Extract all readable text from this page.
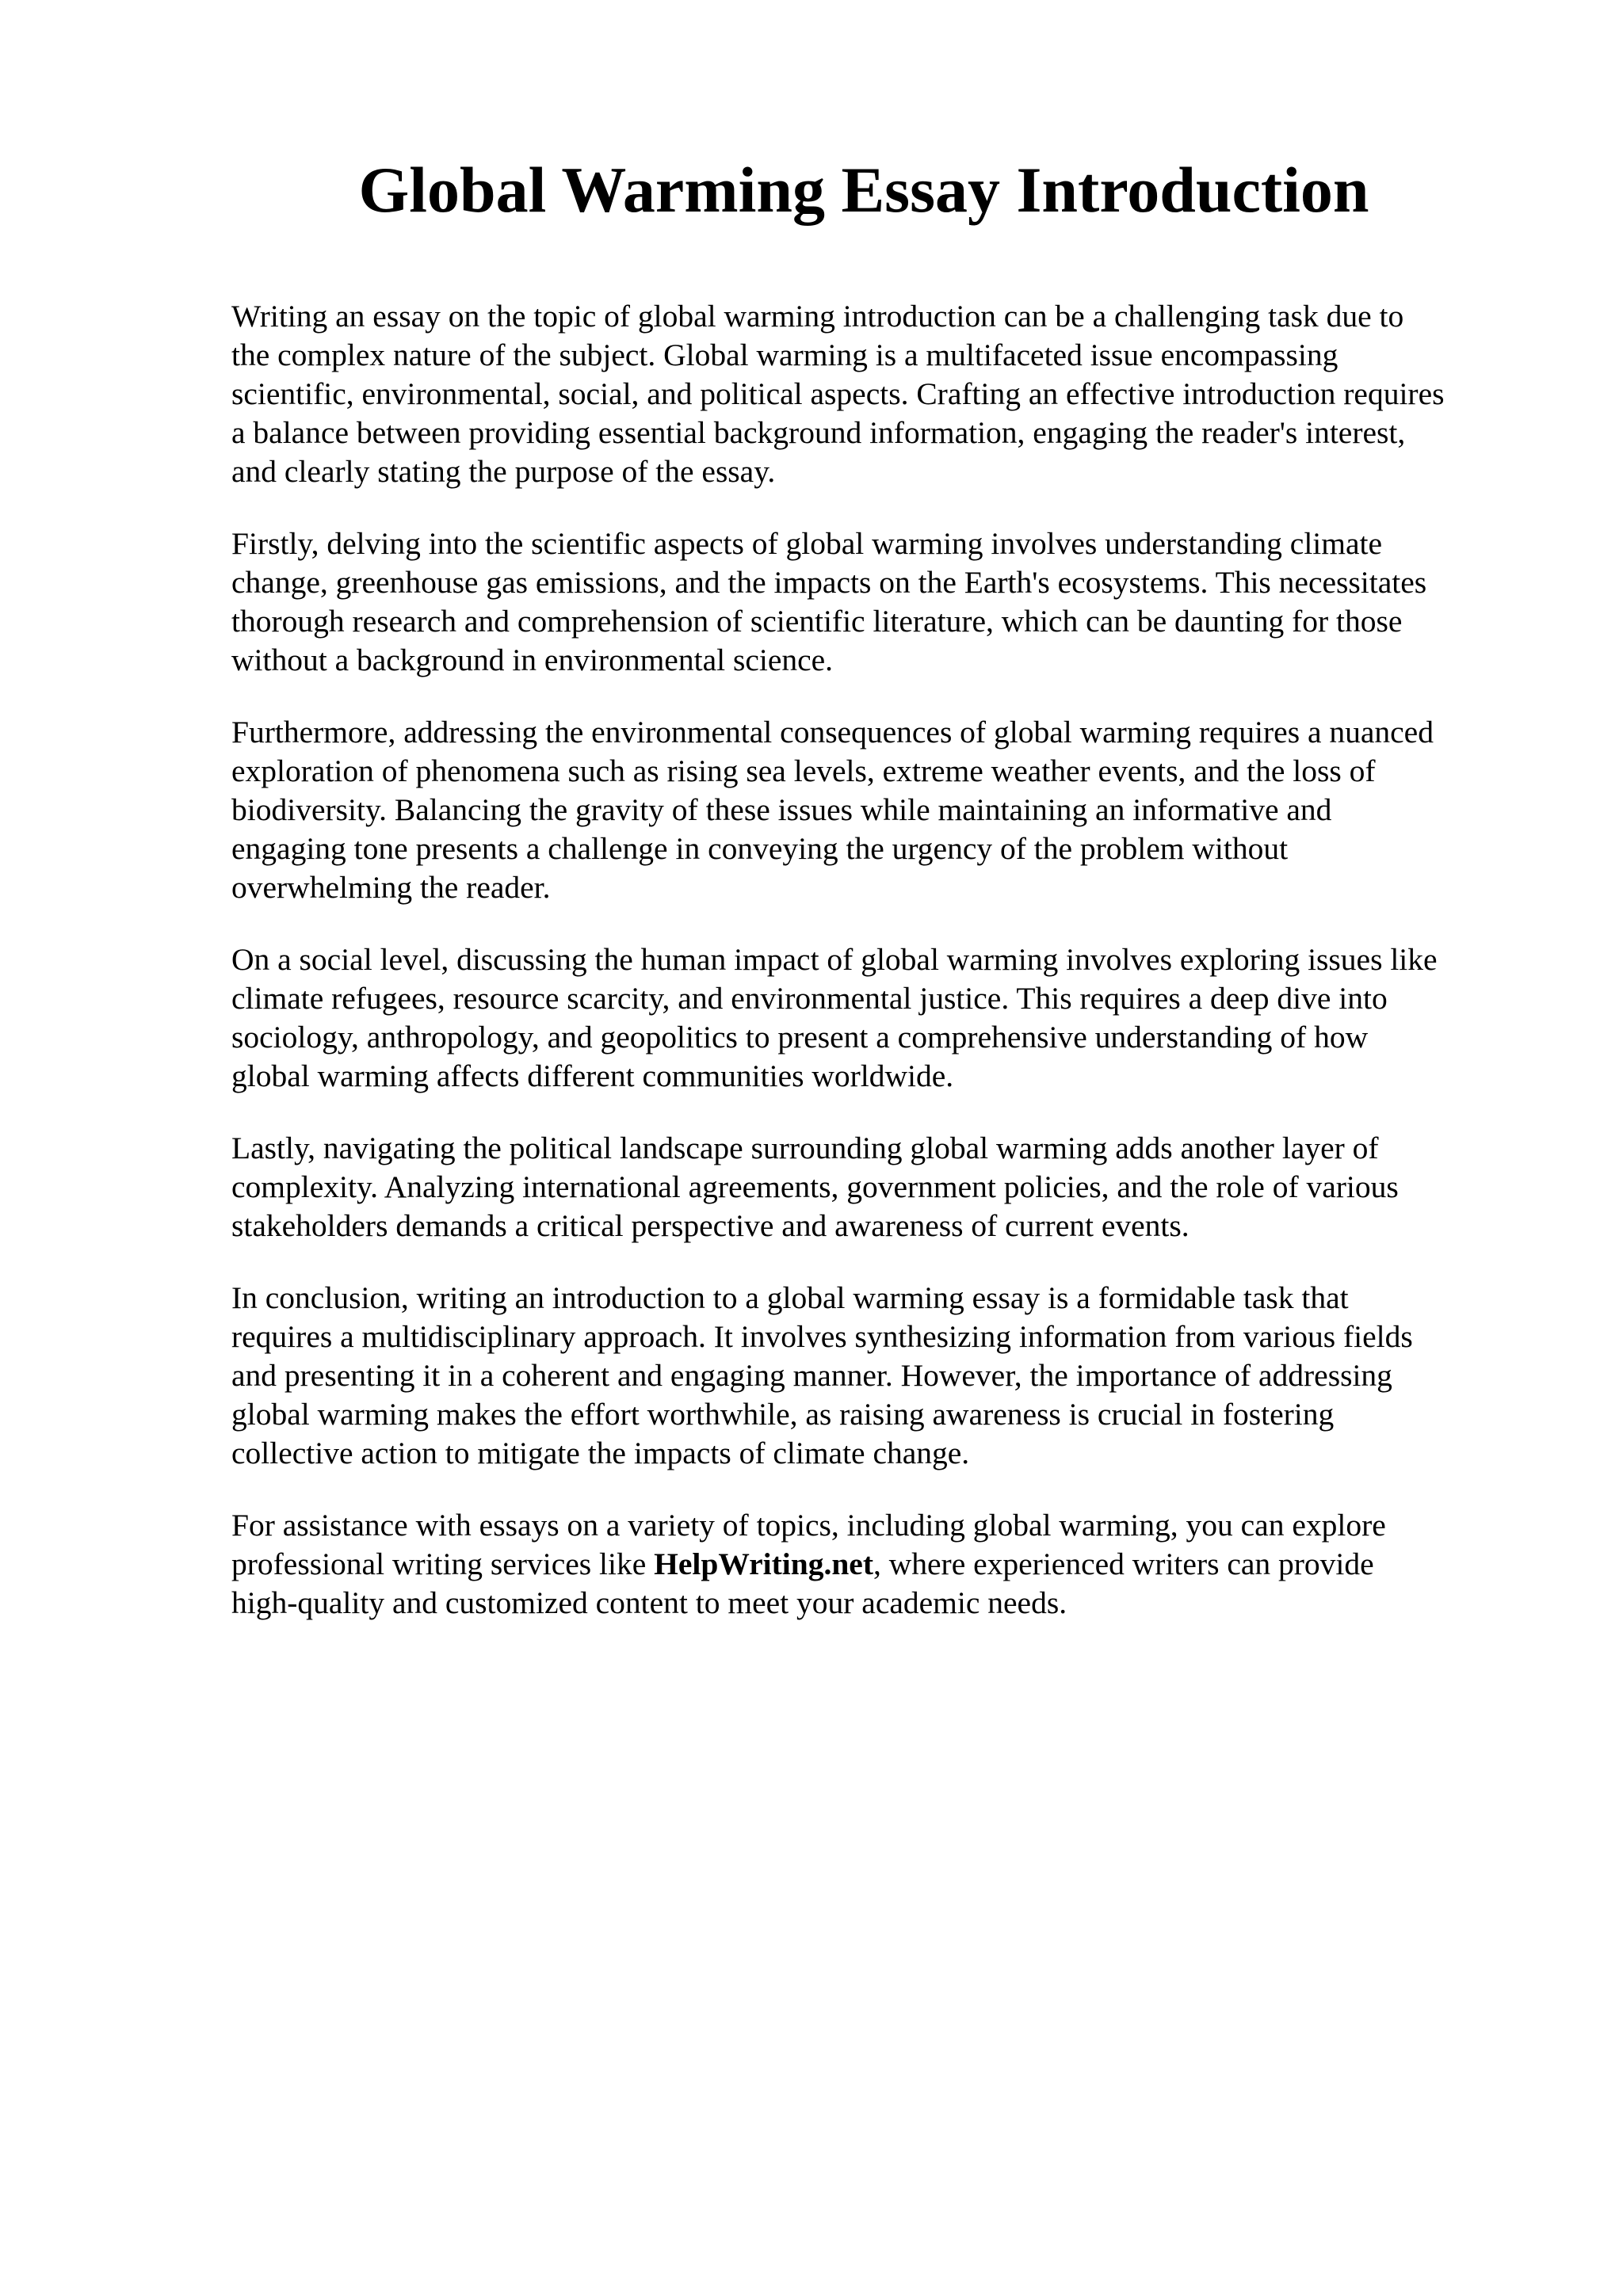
Global Warming Essay Introduction

Writing an essay on the topic of global warming introduction can be a challenging task due to
the complex nature of the subject. Global warming is a multifaceted issue encompassing
scientific, environmental, social, and political aspects. Crafting an effective introduction requires
a balance between providing essential background information, engaging the reader's interest,
and clearly stating the purpose of the essay.

Firstly, delving into the scientific aspects of global warming involves understanding climate
change, greenhouse gas emissions, and the impacts on the Earth's ecosystems. This necessitates
thorough research and comprehension of scientific literature, which can be daunting for those
without a background in environmental science.

Furthermore, addressing the environmental consequences of global warming requires a nuanced
exploration of phenomena such as rising sea levels, extreme weather events, and the loss of
biodiversity. Balancing the gravity of these issues while maintaining an informative and
engaging tone presents a challenge in conveying the urgency of the problem without
overwhelming the reader.

On a social level, discussing the human impact of global warming involves exploring issues like
climate refugees, resource scarcity, and environmental justice. This requires a deep dive into
sociology, anthropology, and geopolitics to present a comprehensive understanding of how
global warming affects different communities worldwide.

Lastly, navigating the political landscape surrounding global warming adds another layer of
complexity. Analyzing international agreements, government policies, and the role of various
stakeholders demands a critical perspective and awareness of current events.

In conclusion, writing an introduction to a global warming essay is a formidable task that
requires a multidisciplinary approach. It involves synthesizing information from various fields
and presenting it in a coherent and engaging manner. However, the importance of addressing
global warming makes the effort worthwhile, as raising awareness is crucial in fostering
collective action to mitigate the impacts of climate change.

For assistance with essays on a variety of topics, including global warming, you can explore
professional writing services like HelpWriting.net, where experienced writers can provide
high-quality and customized content to meet your academic needs.
